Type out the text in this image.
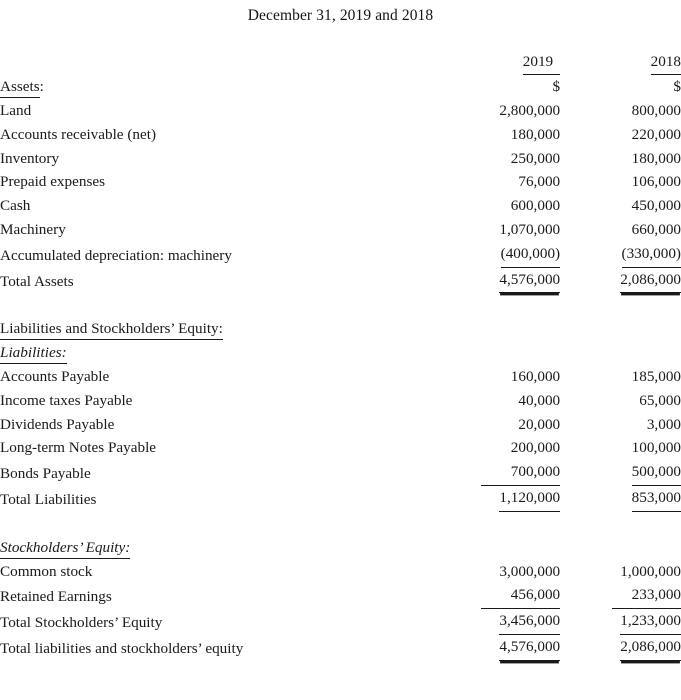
December 31, 2019 and 2018
	2019	2018
Assets:	$	$
Land	2,800,000	800,000
Accounts receivable (net)	180,000	220,000
Inventory	250,000	180,000
Prepaid expenses	76,000	106,000
Cash	600,000	450,000
Machinery	1,070,000	660,000
Accumulated depreciation: machinery	(400,000)	(330,000)
Total Assets	4,576,000	2,086,000

Liabilities and Stockholders’ Equity:		
Liabilities:		
Accounts Payable	160,000	185,000
Income taxes Payable	40,000	65,000
Dividends Payable	20,000	3,000
Long-term Notes Payable	200,000	100,000
Bonds Payable	700,000	500,000
Total Liabilities	1,120,000	853,000

Stockholders’ Equity:		
Common stock	3,000,000	1,000,000
Retained Earnings	456,000	233,000
Total Stockholders’ Equity	3,456,000	1,233,000
Total liabilities and stockholders’ equity	4,576,000	2,086,000
